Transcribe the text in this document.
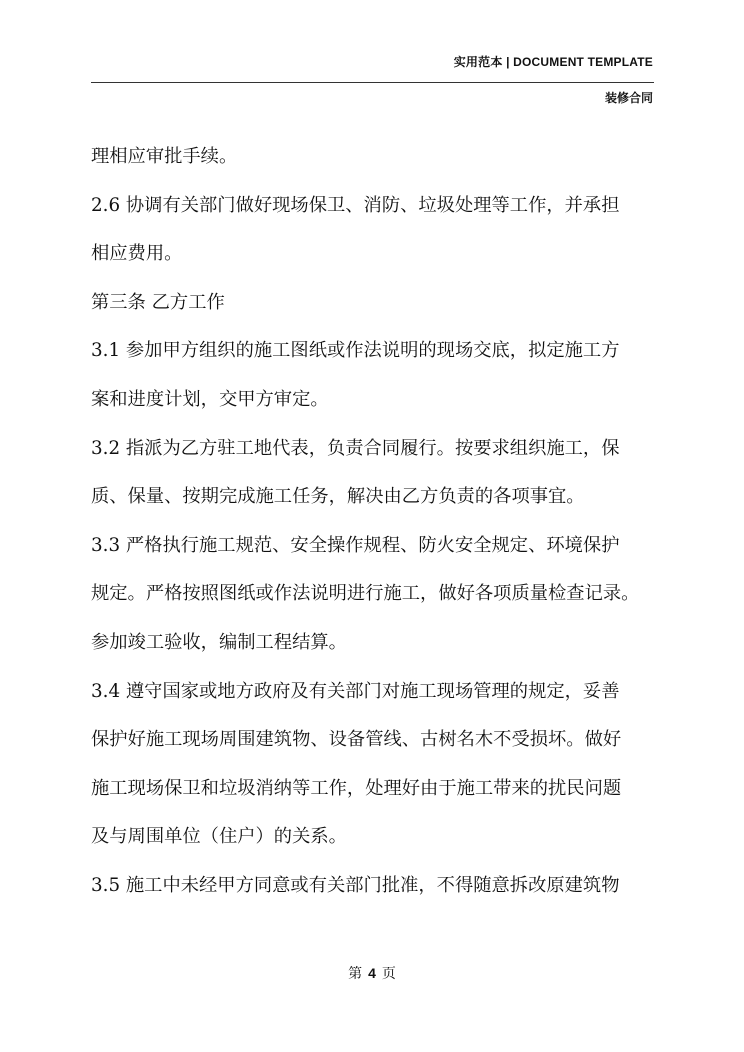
实用范本 | DOCUMENT TEMPLATE
装修合同

理相应审批手续。

2.6 协调有关部门做好现场保卫、消防、垃圾处理等工作，并承担

相应费用。

第三条 乙方工作

3.1 参加甲方组织的施工图纸或作法说明的现场交底，拟定施工方

案和进度计划，交甲方审定。

3.2 指派为乙方驻工地代表，负责合同履行。按要求组织施工，保

质、保量、按期完成施工任务，解决由乙方负责的各项事宜。

3.3 严格执行施工规范、安全操作规程、防火安全规定、环境保护

规定。严格按照图纸或作法说明进行施工，做好各项质量检查记录。

参加竣工验收，编制工程结算。

3.4 遵守国家或地方政府及有关部门对施工现场管理的规定，妥善

保护好施工现场周围建筑物、设备管线、古树名木不受损坏。做好

施工现场保卫和垃圾消纳等工作，处理好由于施工带来的扰民问题

及与周围单位（住户）的关系。

3.5 施工中未经甲方同意或有关部门批准，不得随意拆改原建筑物

第 4 页
